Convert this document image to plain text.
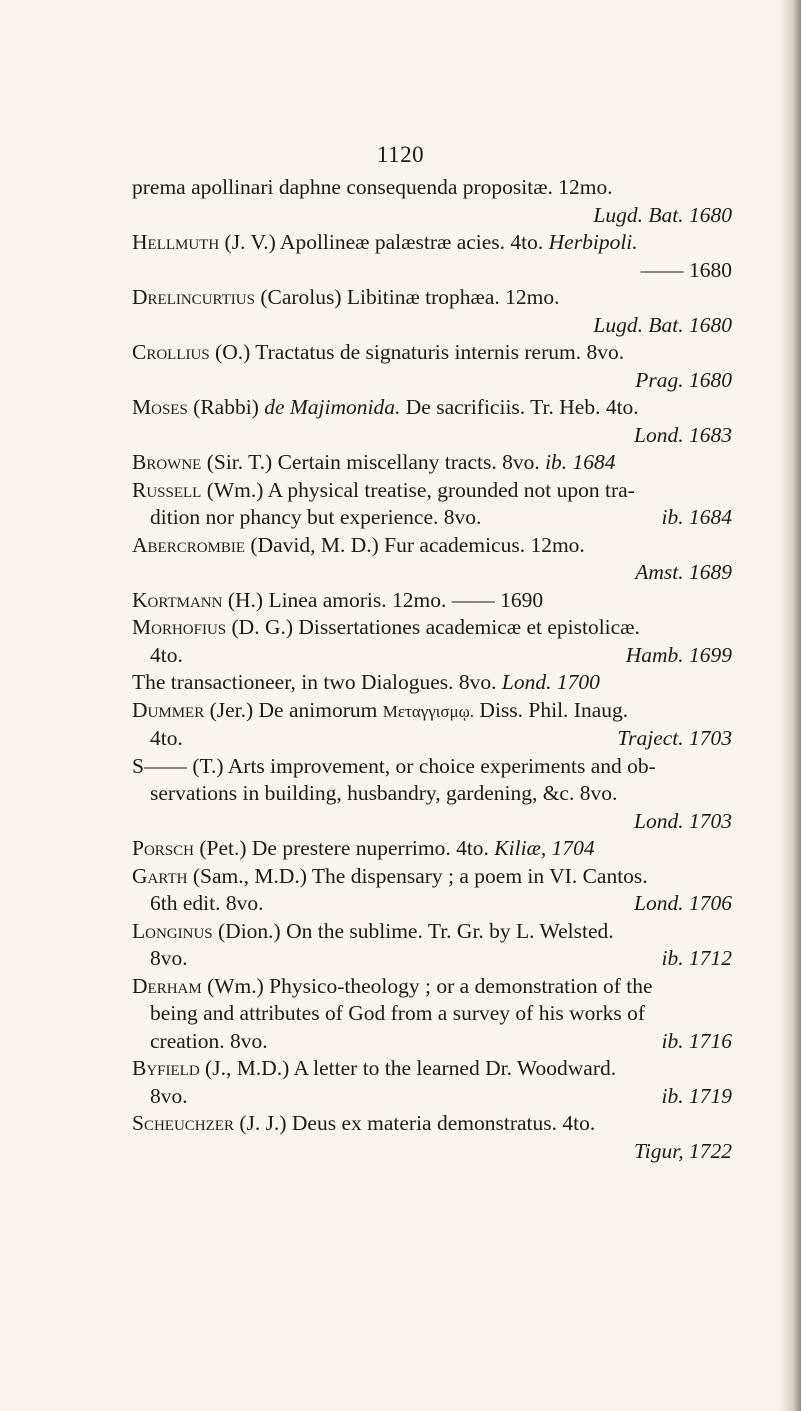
1120
prema apollinari daphne consequenda propositæ. 12mo.
Lugd. Bat. 1680
Hellmuth (J. V.) Apollineæ palæstræ acies. 4to. Herbipoli.
—— 1680
Drelincurtius (Carolus) Libitinæ trophæa. 12mo.
Lugd. Bat. 1680
Crollius (O.) Tractatus de signaturis internis rerum. 8vo.
Prag. 1680
Moses (Rabbi) de Majimonida. De sacrificiis. Tr. Heb. 4to.
Lond. 1683
Browne (Sir. T.) Certain miscellany tracts. 8vo. ib. 1684
Russell (Wm.) A physical treatise, grounded not upon tra-
dition nor phancy but experience. 8vo.	ib. 1684
Abercrombie (David, M. D.) Fur academicus. 12mo.
Amst. 1689
Kortmann (H.) Linea amoris. 12mo. —— 1690
Morhofius (D. G.) Dissertationes academicæ et epistolicæ.
4to.	Hamb. 1699
The transactioneer, in two Dialogues. 8vo. Lond. 1700
Dummer (Jer.) De animorum Μεταγγισμῳ. Diss. Phil. Inaug.
4to.	Traject. 1703
S—— (T.) Arts improvement, or choice experiments and ob-
servations in building, husbandry, gardening, &c. 8vo.
Lond. 1703
Porsch (Pet.) De prestere nuperrimo. 4to. Kiliæ, 1704
Garth (Sam., M.D.) The dispensary ; a poem in VI. Cantos.
6th edit. 8vo.	Lond. 1706
Longinus (Dion.) On the sublime. Tr. Gr. by L. Welsted.
8vo.	ib. 1712
Derham (Wm.) Physico-theology ; or a demonstration of the
being and attributes of God from a survey of his works of
creation. 8vo.	ib. 1716
Byfield (J., M.D.) A letter to the learned Dr. Woodward.
8vo.	ib. 1719
Scheuchzer (J. J.) Deus ex materia demonstratus. 4to.
Tigur, 1722
